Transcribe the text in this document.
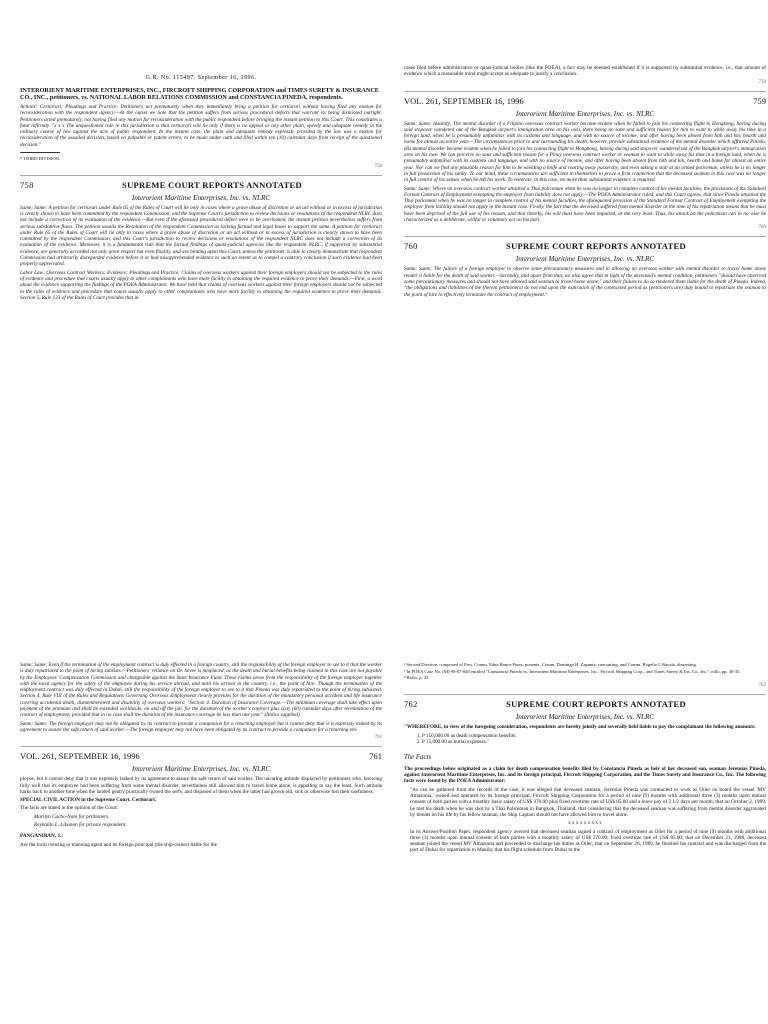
G.R. No. 115497. September 16, 1996.
INTERORIENT MARITIME ENTERPRISES, INC., FIRCROFT SHIPPING CORPORATION and TIMES SURETY & INSURANCE CO., INC., petitioners, vs. NATIONAL LABOR RELATIONS COMMISSION and CONSTANCIA PINEDA, respondents.

Actions; Certiorari; Pleadings and Practice; Petitioners act prematurely when they immediately bring a petition for certiorari without having filed any motion for reconsideration with the respondent agency.—At the outset we note that the petition suffers from serious procedural defects that warrant its being dismissed outright. Petitioners acted prematurely, not having filed any motion for reconsideration with the public respondent before bringing the instant petition to this Court. This constitutes a fatal infirmity. "x x x The unquestioned rule in this jurisdiction is that certiorari will lie only if there is no appeal or any other plain, speedy and adequate remedy in the ordinary course of law against the acts of public respondent. In the instant case, the plain and adequate remedy expressly provided by the law was a motion for reconsideration of the assailed decision, based on palpable or patent errors, to be made under oath and filed within ten (10) calendar days from receipt of the questioned decision."

* THIRD DIVISION.

758
758	SUPREME COURT REPORTS ANNOTATED
Interorient Maritime Enterprises, Inc. vs. NLRC

Same; Same; A petition for certiorari under Rule 65 of the Rules of Court will lie only in cases where a grave abuse of discretion or an act without or in excess of jurisdiction is clearly shown to have been committed by the respondent Commission, and the Supreme Court's jurisdiction to review decisions or resolutions of the respondent NLRC does not include a correction of its evaluation of the evidence.—But even if the aforesaid procedural defect were to be overlooked, the instant petition nevertheless suffers from serious substantive flaws. The petition assails the Resolution of the respondent Commission as lacking factual and legal bases to support the same. A petition for certiorari under Rule 65 of the Rules of Court will lie only in cases where a grave abuse of discretion or an act without or in excess of jurisdiction is clearly shown to have been committed by the respondent Commission, and this Court's jurisdiction to review decisions or resolutions of the respondent NLRC does not include a correction of its evaluation of the evidence. Moreover, it is a fundamental rule that the factual findings of quasi-judicial agencies like the respondent NLRC, if supported by substantial evidence, are generally accorded not only great respect but even finality, and are binding upon this Court, unless the petitioner is able to clearly demonstrate that respondent Commission had arbitrarily disregarded evidence before it or had misapprehended evidence to such an extent as to compel a contrary conclusion if such evidence had been properly appreciated.

Labor Law; Overseas Contract Workers; Evidence; Pleadings and Practice; Claims of overseas workers against their foreign employers should not be subjected to the rules of evidence and procedure that courts usually apply to other complainants who have more facility in obtaining the required evidence to prove their demands.—First, a word about the evidence supporting the findings of the POEA Administrator. We have held that claims of overseas workers against their foreign employers should not be subjected to the rules of evidence and procedure that courts usually apply to other complainants who have more facility in obtaining the required evidence to prove their demands. Section 5, Rule 133 of the Rules of Court provides that in

Same; Same; Even if the termination of the employment contract is duly effected in a foreign country, still the responsibility of the foreign employer to see to it that the worker is duly repatriated to the point of hiring subsists.—Petitioners' reliance on Dr. Sevee is misplaced, as the death and burial benefits being claimed in this case are not payable by the Employees' Compensation Commission and chargeable against the State Insurance Fund. These claims arose from the responsibility of the foreign employer together with the local agency for the safety of the employee during his service abroad, and until his arrival in the country, i.e., the point of hire. Though the termination of the employment contract was duly effected in Dubai, still the responsibility of the foreign employer to see to it that Pineda was duly repatriated to the point of hiring subsisted. Section 4, Rule VIII of the Rules and Regulations Governing Overseas Employment clearly provides for the duration of the mandatory personal accident and life insurance covering accidental death, dismemberment and disability of overseas workers: "Section 4. Duration of Insurance Coverage.—The minimum coverage shall take effect upon payment of the premium and shall be extended worldwide, on and off the job, for the duration of the worker's contract plus sixty (60) calendar days after termination of the contract of employment; provided that in no case shall the duration of the insurance coverage be less than one year." (Italics supplied)

Same; Same; The foreign employer may not be obligated by its contract to provide a companion for a returning employee but it cannot deny that it is expressly tasked by its agreement to assure the safe return of said worker.—The foreign employer may not have been obligated by its contract to provide a companion for a returning em-

761
VOL. 261, SEPTEMBER 16, 1996	761
Interorient Maritime Enterprises, Inc. vs. NLRC

ployee, but it cannot deny that it was expressly tasked by its agreement to assure the safe return of said worker. The uncaring attitude displayed by petitioners who, knowing fully well that its employee had been suffering from some mental disorder, nevertheless still allowed him to travel home alone, is appalling to say the least. Such attitude harks back to another time when the landed gentry practically owned the serfs, and disposed of them when the latter had grown old, sick or otherwise lost their usefulness.

SPECIAL CIVIL ACTION in the Supreme Court. Certiorari.

The facts are stated in the opinion of the Court.

Marilyn Cacho-Nani for petitioners.

Reynaldo L. Libanan for private respondent.

PANGANIBAN, J.:

Are the local crewing or manning agent and its foreign principal (the ship-owner) liable for the

cases filed before administrative or quasi-judicial bodies (like the POEA), a fact may be deemed established if it is supported by substantial evidence, i.e., that amount of evidence which a reasonable mind might accept as adequate to justify a conclusion.

759
VOL. 261, SEPTEMBER 16, 1996	759
Interorient Maritime Enterprises, Inc. vs. NLRC

Same; Same; Insanity; The mental disorder of a Filipino overseas contract worker became evident when he failed to join his connecting flight to Hongkong, having during said stopover wandered out of the Bangkok airport's immigration area on his own, there being no sane and sufficient reason for him to want to while away his time in a foreign land, when he is presumably unfamiliar with its customs and language, and with no source of income, and after having been absent from hith and kin, hearth and home for almost an entire year.—The circumstances prior to and surrounding his death, however, provide substantial evidence of the mental disorder which afflicted Pineda. His mental disorder became evident when he failed to join his connecting flight to Hongkong, having during said stopover wandered out of the Bangkok airport's immigration area on his own. We can perceive no sane and sufficient reason for a Pinoy overseas contract worker or seaman to want to while away his time in a foreign land, when he is presumably unfamiliar with its customs and language, and with no source of income, and after having been absent from hith and kin, hearth and home for almost an entire year. Nor can we find any plausible reason for him to be wielding a knife and roaring away passersby, and even taking a stab at an armed policeman, unless he is no longer in full possession of his sanity. To our mind, these circumstances are sufficient in themselves to prove a firm connection that the deceased seaman in this case was no longer in full control of his senses when he left his work. To reiterate, in this case, no more than substantial evidence is required.

Same; Same; Where an overseas contract worker attacked a Thai policeman when he was no longer in complete control of his mental faculties, the provisions of the Standard Format Contract of Employment exempting the employer from liability does not apply.—The POEA Administrator ruled, and this Court agrees, that since Pineda attacked the Thai policeman when he was no longer in complete control of his mental faculties, the aforequoted provision of the Standard Format Contract of Employment exempting the employer from liability should not apply in the instant case. Firstly, the fact that the deceased suffered from mental disorder at the time of his repatriation means that he must have been deprived of the full use of his reason, and that thereby, his will must have been impaired, at the very least. Thus, his attack on the policeman can in no wise be characterized as a deliberate, willful or voluntary act on his part.

760
760	SUPREME COURT REPORTS ANNOTATED
Interorient Maritime Enterprises, Inc. vs. NLRC

Same; Same; The failure of a foreign employer to observe some precautionary measures and in allowing an overseas worker with mental disorder to travel home alone render it liable for the death of said worker.—Secondly, and apart from that, we also agree that in light of the deceased's mental condition, petitioners "should have observed some precautionary measures and should not have allowed said seaman to travel home alone," and their failure to do so rendered them liable for the death of Pineda. Indeed, "the obligations and liabilities of the (herein petitioners) do not end upon the expiration of the contracted period as (petitioners are) duty bound to repatriate the seaman to the point of hire to effectively terminate the contract of employment."

² Second Division, composed of Pres. Comm. Edna Bonto-Perez, ponente, Comm. Domingo H. Zapanta, concurring, and Comm. Rogelio I. Rayala, dissenting.

³ In POEA Case No. (M) 90-07-840 entitled "Constancia Pineda vs. Interorient Maritime Enterprises, Inc., Fircroft Shipping Corp., and Times Surety & Ins. Co., Inc"; rollo, pp. 30-35.

⁴ Rollo, p. 35.

762
762	SUPREME COURT REPORTS ANNOTATED
Interorient Maritime Enterprises, Inc. vs. NLRC

"WHEREFORE, in view of the foregoing consideration, respondents are hereby jointly and severally held liable to pay the complainant the following amounts:

1. P 150,000.00 as death compensation benefits.
2. P 15,000.00 as burial expenses."
The Facts

The proceedings below originated as a claim for death compensation benefits filed by Constancia Pineda as heir of her deceased son, seaman Jeremias Pineda, against Interorient Maritime Enterprises, Inc. and its foreign principal, Fircroft Shipping Corporation, and the Times Surety and Insurance Co., Inc. The following facts were found by the POEA Administrator:

"As can be gathered from the records of the case, it was alleged that deceased seaman, Jeremias Pineda was contracted to work as Oiler on board the vessel 'MV Amazonia,' owned and operated by its foreign principal, Fircroft Shipping Corporation for a period of nine (9) months with additional three (3) months upon mutual consent of both parties with a monthly basic salary of US$ 370.00 plus fixed overtime rate of US$ 85.00 and a leave pay of 2 1/2 days per month; that on October 2, 1989, he met his death when he was shot by a Thai Policeman in Bangkok, Thailand; that considering that the deceased seaman was suffering from mental disorder aggravated by threats on his life by his fellow seaman, the Ship Captain should not have allowed him to travel alone.

x x x x x x x x x

In its Answer/Position Paper, respondent agency averred that deceased seaman signed a contract of employment as Oiler for a period of nine (9) months with additional three (3) months upon mutual consent of both parties with a monthly salary of US$ 370.00; fixed overtime rate of US$ 85.00; that on December 21, 1988, deceased seaman joined the vessel MV Amazonia and proceeded to discharge his duties as Oiler; that on September 26, 1989, he finished his contract and was discharged from the port of Dubai for repatriation to Manila; that his flight schedule from Dubai to the
